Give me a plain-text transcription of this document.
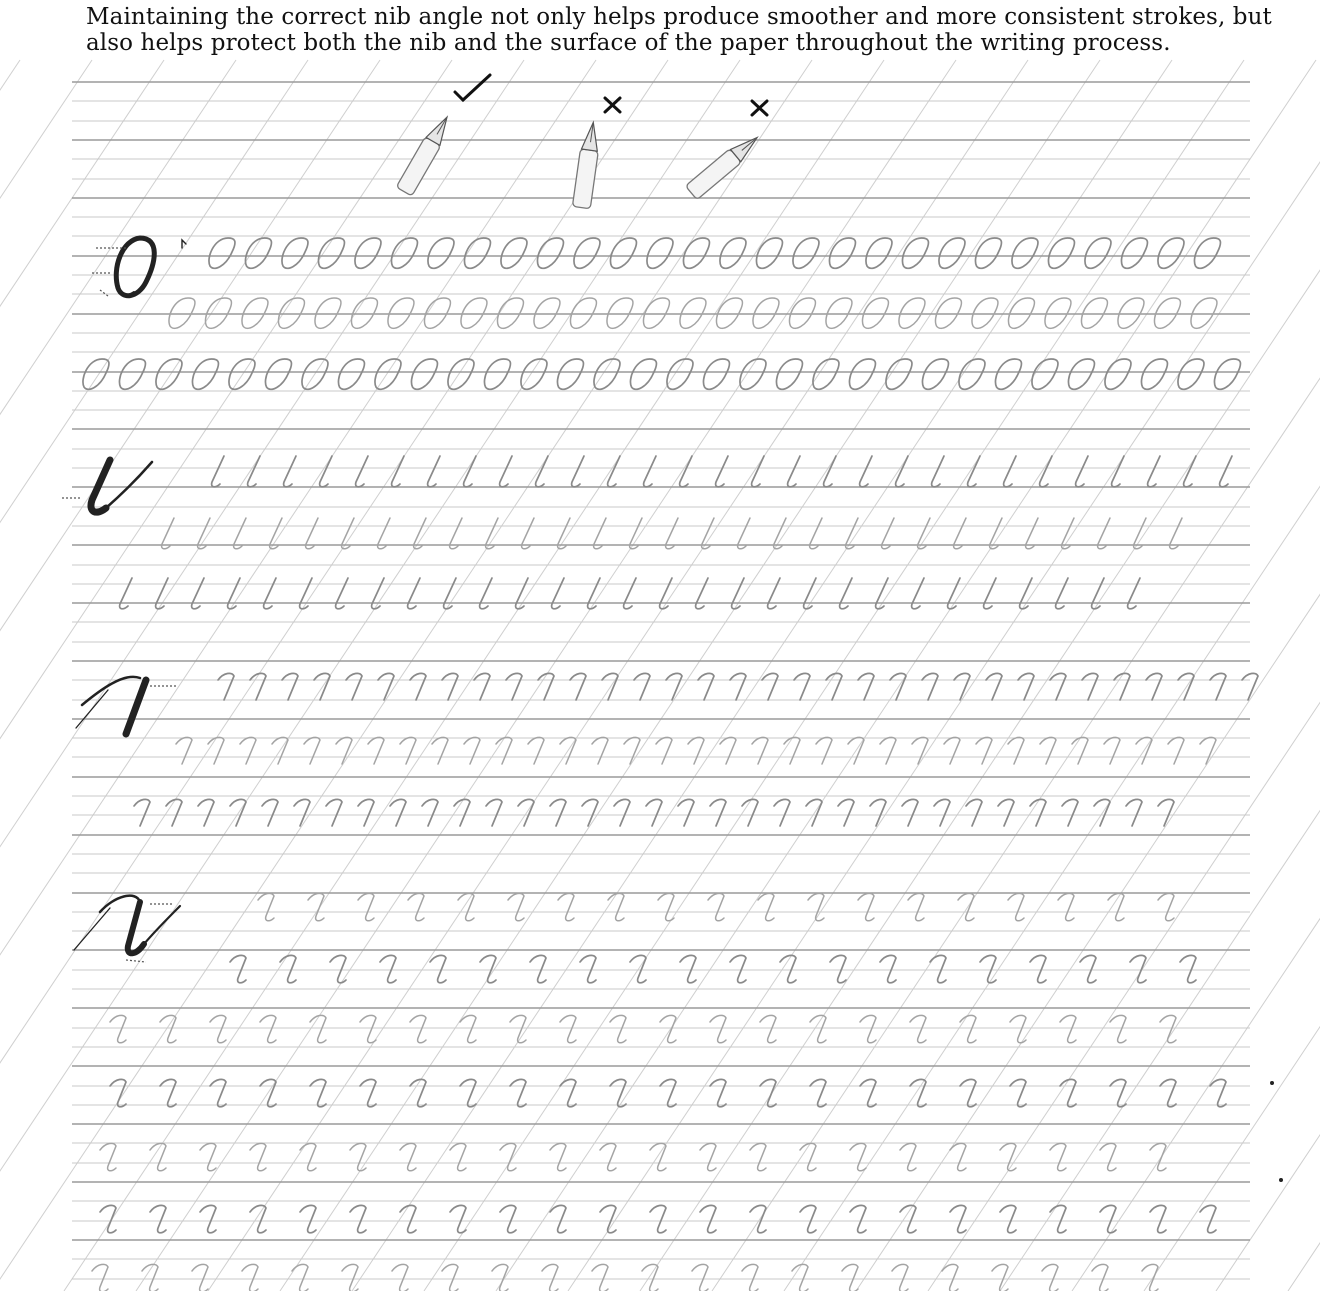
Maintaining the correct nib angle not only helps produce smoother and more consistent strokes, but
also helps protect both the nib and the surface of the paper throughout the writing process.
